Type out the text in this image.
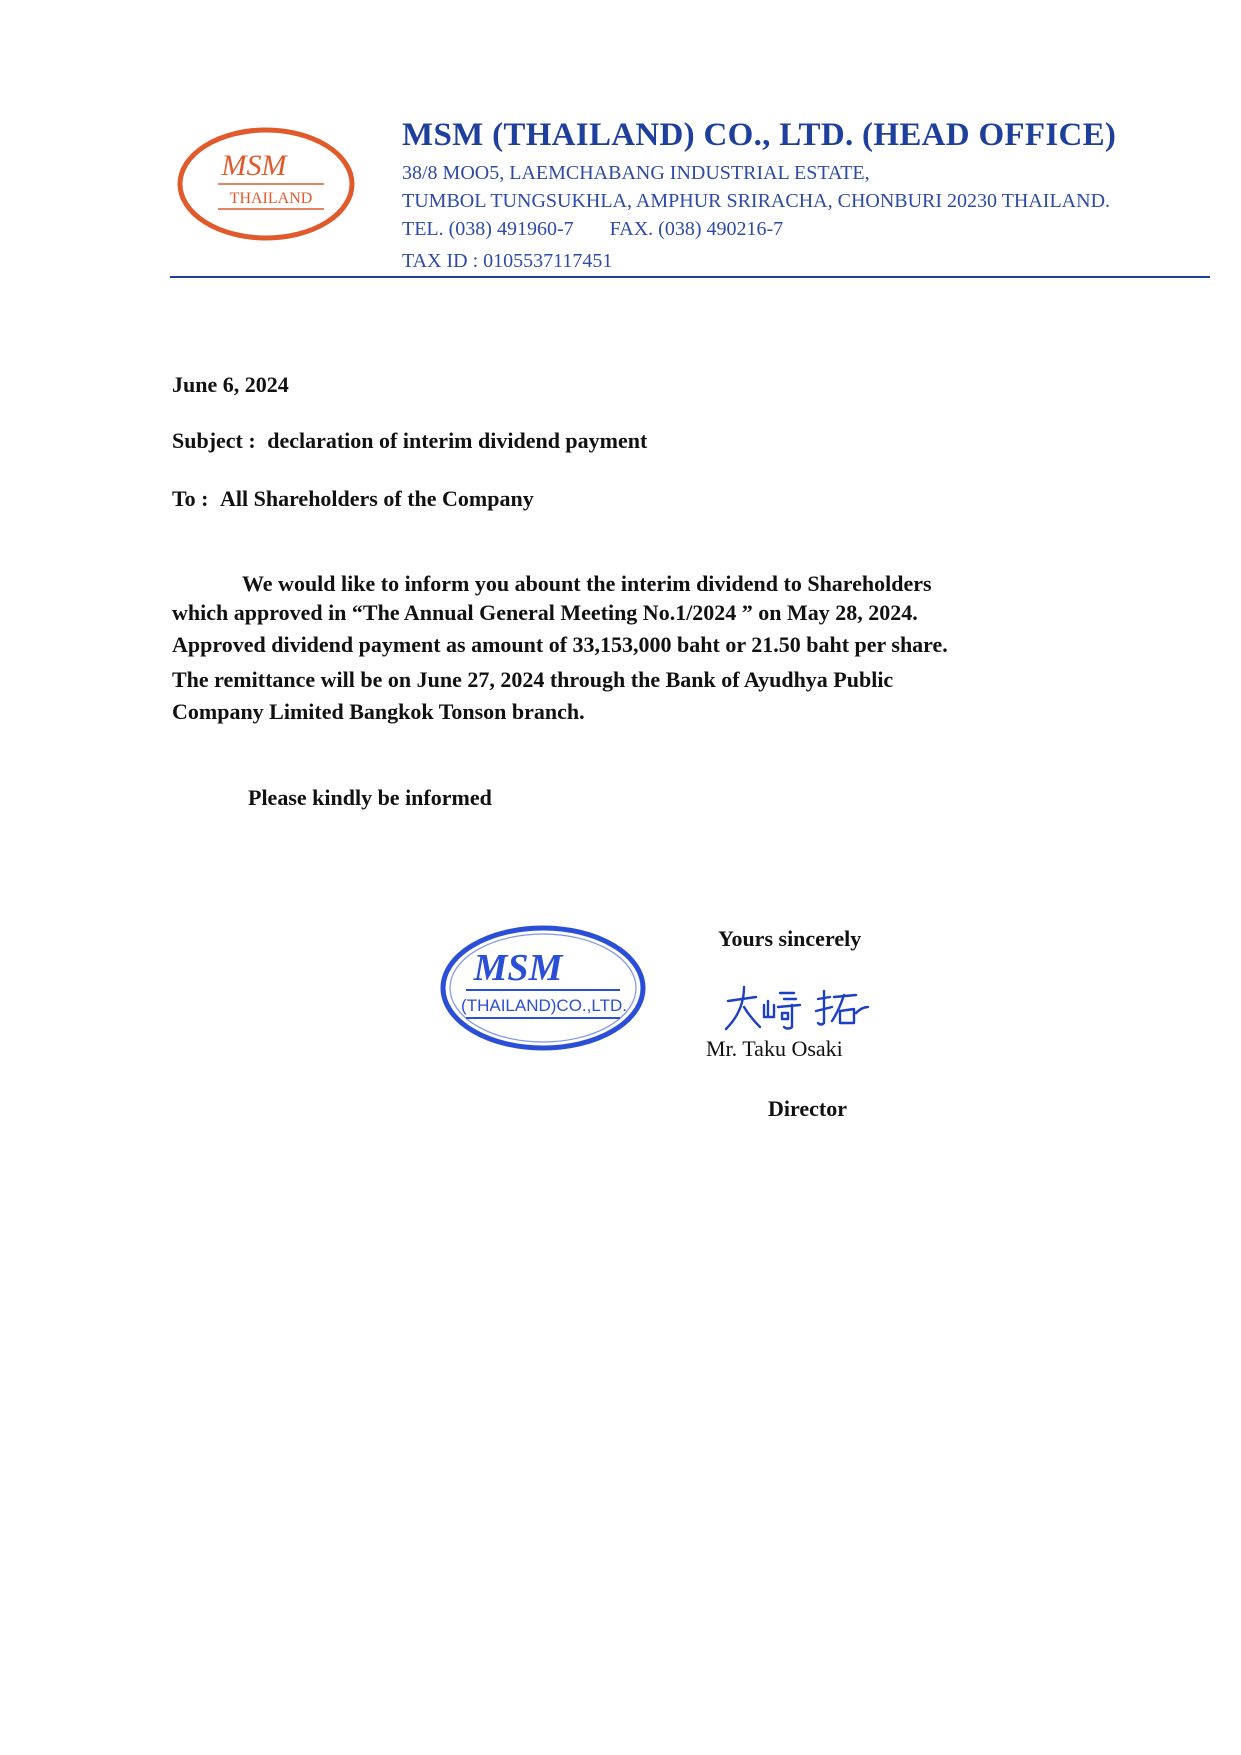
MSM
THAILAND
MSM (THAILAND) CO., LTD. (HEAD OFFICE)
38/8 MOO5, LAEMCHABANG INDUSTRIAL ESTATE,
TUMBOL TUNGSUKHLA, AMPHUR SRIRACHA, CHONBURI 20230 THAILAND.
TEL. (038) 491960-7 FAX. (038) 490216-7
TAX ID : 0105537117451
June 6, 2024
Subject : declaration of interim dividend payment
To : All Shareholders of the Company
We would like to inform you abount the interim dividend to Shareholders
which approved in “The Annual General Meeting No.1/2024 ” on May 28, 2024.
Approved dividend payment as amount of 33,153,000 baht or 21.50 baht per share.
The remittance will be on June 27, 2024 through the Bank of Ayudhya Public
Company Limited Bangkok Tonson branch.
Please kindly be informed
MSM
(THAILAND)CO.,LTD.
Yours sincerely
Mr. Taku Osaki
Director
